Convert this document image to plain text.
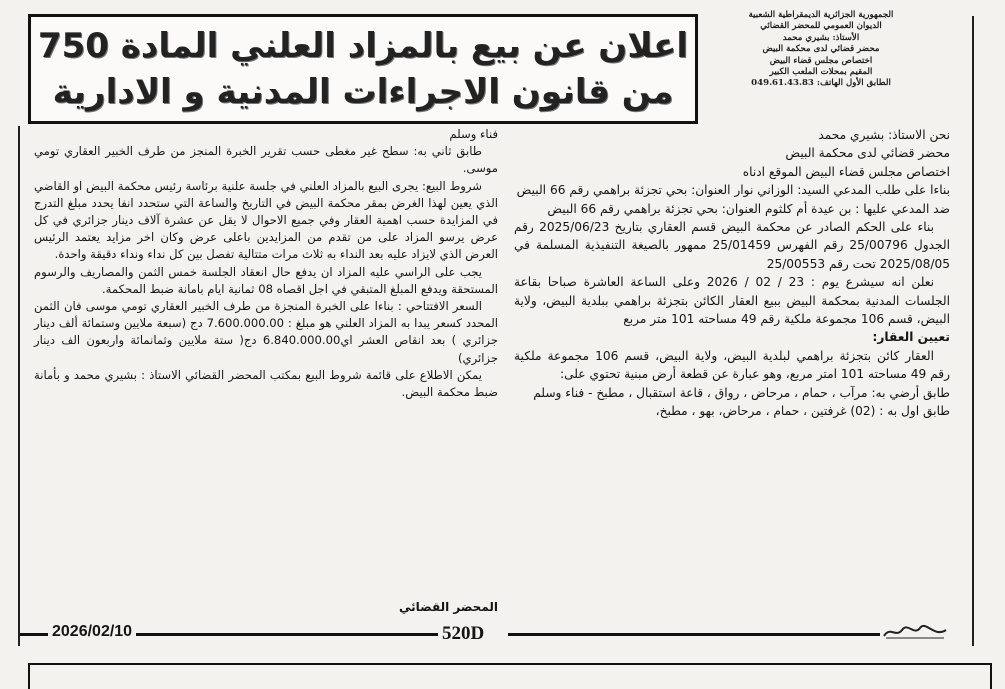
اعلان عن بيع بالمزاد العلني المادة 750
من قانون الاجراءات المدنية و الادارية
الجمهورية الجزائرية الديمقراطية الشعبية
الديوان العمومي للمحضر القضائي
الأستاذ: بشيري محمد
محضر قضائي لدى محكمة البيض
اختصاص مجلس قضاء البيض
المقيم بمحلات الملعب الكبير
الطابق الأول الهاتف: 049.61.43.83

نحن الاستاذ: بشيري محمد

محضر قضائي لدى محكمة البيض

اختصاص مجلس قضاء البيض الموقع ادناه

بناءا على طلب المدعي السيد: الوزاني نوار العنوان: بحي تجزئة براهمي رقم 66 البيض

ضد المدعي عليها : بن عيدة أم كلثوم العنوان: بحي تجزئة براهمي رقم 66 البيض

بناء على الحكم الصادر عن محكمة البيض قسم العقاري بتاريخ 2025/06/23 رقم الجدول 25/00796 رقم الفهرس 25/01459 ممهور بالصيغة التنفيذية المسلمة في 2025/08/05 تحت رقم 25/00553

نعلن انه سيشرع يوم : 23 / 02 / 2026 وعلى الساعة العاشرة صباحا بقاعة الجلسات المدنية بمحكمة البيض ببيع العقار الكائن بتجزئة براهمي ببلدية البيض، ولاية البيض، قسم 106 مجموعة ملكية رقم 49 مساحته 101 متر مربع

تعيين العقار:

العقار كائن بتجزئة براهمي لبلدية البيض، ولاية البيض، قسم 106 مجموعة ملكية رقم 49 مساحته 101 امتر مربع، وهو عبارة عن قطعة أرض مبنية تحتوي على:

طابق أرضي به: مرآب ، حمام ، مرحاض ، رواق ، قاعة استقبال ، مطبخ - فناء وسلم

طابق اول به : (02) غرفتين ، حمام ، مرحاض، بهو ، مطبخ،

فناء وسلم

طابق ثاني به: سطح غير مغطى حسب تقرير الخبرة المنجز من طرف الخبير العقاري تومي موسى.

شروط البيع: يجرى البيع بالمزاد العلني في جلسة علنية برئاسة رئيس محكمة البيض او القاضي الذي يعين لهذا الغرض بمقر محكمة البيض في التاريخ والساعة التي ستحدد انفا يحدد مبلغ التدرج في المزايدة حسب اهمية العقار وفي جميع الاحوال لا يقل عن عشرة آلاف دينار جزائري في كل عرض يرسو المزاد على من تقدم من المزايدين باعلى عرض وكان اخر مزايد يعتمد الرئيس العرض الذي لايزاد عليه بعد النداء به ثلاث مرات متتالية تفصل بين كل نداء ونداء دقيقة واحدة.

يجب على الراسي عليه المزاد ان يدفع حال انعقاد الجلسة خمس الثمن والمصاريف والرسوم المستحقة ويدفع المبلغ المتبقي في اجل اقصاه 08 ثمانية ايام بامانة ضبط المحكمة.

السعر الافتتاحي : بناءا على الخبرة المنجزة من طرف الخبير العقاري تومي موسى فان الثمن المحدد كسعر يبدا به المزاد العلني هو مبلغ : 7.600.000.00 دج (سبعة ملايين وستمائة ألف دينار جزائري ) بعد انقاص العشر اي6.840.000.00 دج( ستة ملايين وثمانمائة واربعون الف دينار جزائري)

يمكن الاطلاع على قائمة شروط البيع بمكتب المحضر القضائي الاستاذ : بشيري محمد و بأمانة ضبط محكمة البيض.

المحضر القضائي
2026/02/10	520D
